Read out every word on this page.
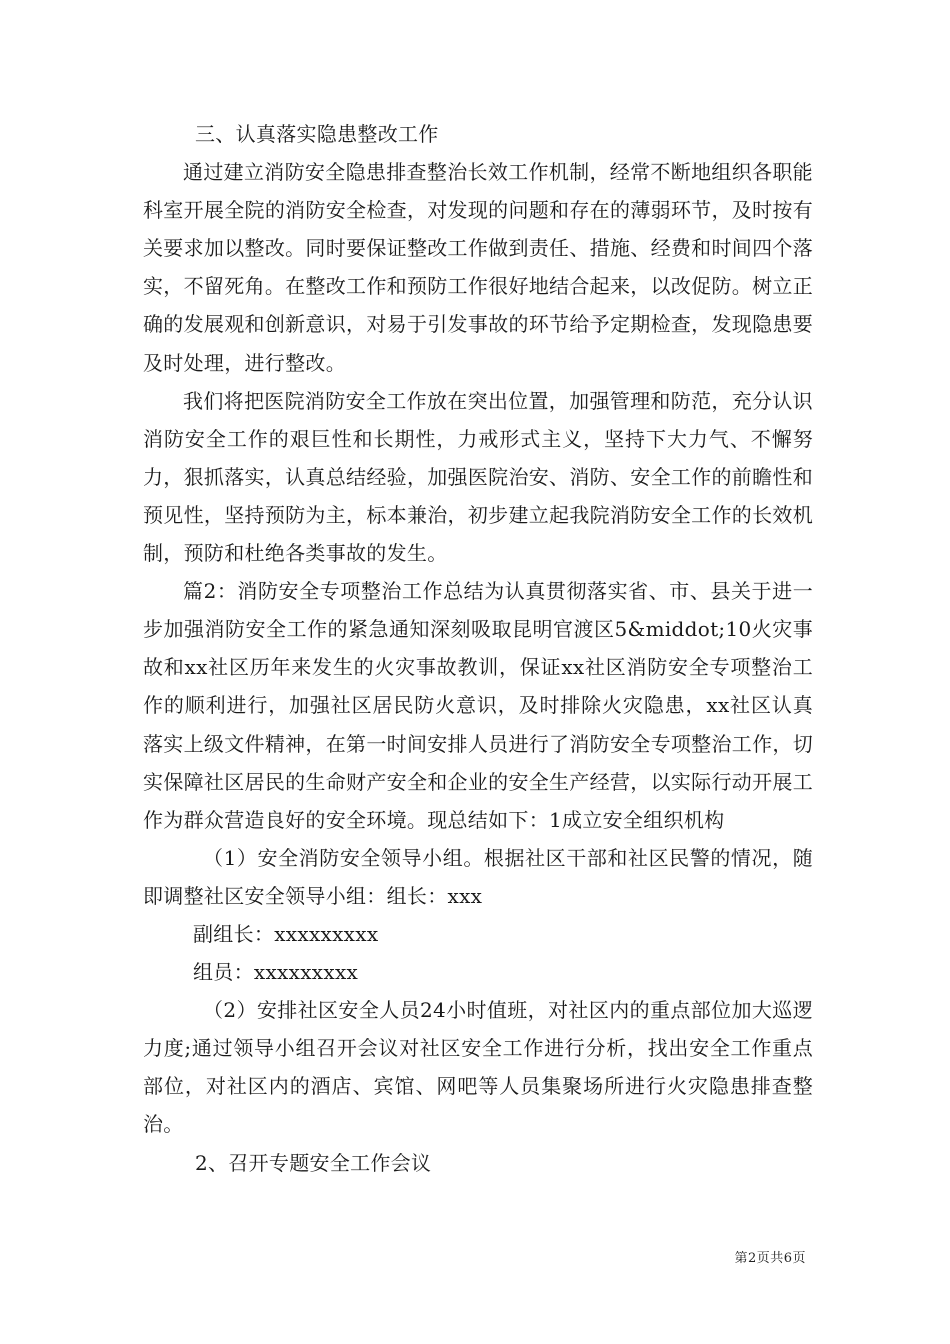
三、认真落实隐患整改工作

通过建立消防安全隐患排查整治长效工作机制，经常不断地组织各职能科室开展全院的消防安全检查，对发现的问题和存在的薄弱环节，及时按有关要求加以整改。同时要保证整改工作做到责任、措施、经费和时间四个落实，不留死角。在整改工作和预防工作很好地结合起来，以改促防。树立正确的发展观和创新意识，对易于引发事故的环节给予定期检查，发现隐患要及时处理，进行整改。

我们将把医院消防安全工作放在突出位置，加强管理和防范，充分认识消防安全工作的艰巨性和长期性，力戒形式主义，坚持下大力气、不懈努力，狠抓落实，认真总结经验，加强医院治安、消防、安全工作的前瞻性和预见性，坚持预防为主，标本兼治，初步建立起我院消防安全工作的长效机制，预防和杜绝各类事故的发生。

篇2：消防安全专项整治工作总结为认真贯彻落实省、市、县关于进一步加强消防安全工作的紧急通知深刻吸取昆明官渡区5&middot;10火灾事故和xx社区历年来发生的火灾事故教训，保证xx社区消防安全专项整治工作的顺利进行，加强社区居民防火意识，及时排除火灾隐患，xx社区认真落实上级文件精神，在第一时间安排人员进行了消防安全专项整治工作，切实保障社区居民的生命财产安全和企业的安全生产经营，以实际行动开展工作为群众营造良好的安全环境。现总结如下：1成立安全组织机构

（1）安全消防安全领导小组。根据社区干部和社区民警的情况，随即调整社区安全领导小组：组长：xxx

副组长：xxxxxxxxx

组员：xxxxxxxxx

（2）安排社区安全人员24小时值班，对社区内的重点部位加大巡逻力度;通过领导小组召开会议对社区安全工作进行分析，找出安全工作重点部位，对社区内的酒店、宾馆、网吧等人员集聚场所进行火灾隐患排查整治。

2、召开专题安全工作会议

第2页共6页
